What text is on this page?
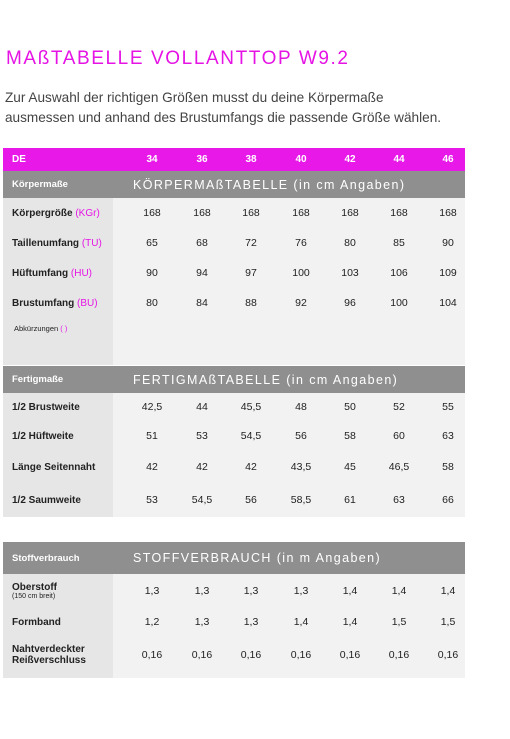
MAßTABELLE VOLLANTTOP W9.2

Zur Auswahl der richtigen Größen musst du deine Körpermaße
ausmessen und anhand des Brustumfangs die passende Größe wählen.

DE	34	36	38	40	42	44	46
Körpermaße	KÖRPERMAßTABELLE (in cm Angaben)
Körpergröße
(KGr)	168	168	168	168	168	168	168
Taillenumfang
(TU)	65	68	72	76	80	85	90
Hüftumfang
(HU)	90	94	97	100	103	106	109
Brustumfang
(BU)	80	84	88	92	96	100	104
Abkürzungen
( )
Fertigmaße	FERTIGMAßTABELLE (in cm Angaben)
1/2 Brustweite	42,5	44	45,5	48	50	52	55
1/2 Hüftweite	51	53	54,5	56	58	60	63
Länge Seitennaht	42	42	42	43,5	45	46,5	58
1/2 Saumweite	53	54,5	56	58,5	61	63	66
Stoffverbrauch	STOFFVERBRAUCH (in m Angaben)
Oberstoff
(150 cm breit)	1,3	1,3	1,3	1,3	1,4	1,4	1,4
Formband	1,2	1,3	1,3	1,4	1,4	1,5	1,5
Nahtverdeckter
Reißverschluss	0,16	0,16	0,16	0,16	0,16	0,16	0,16
